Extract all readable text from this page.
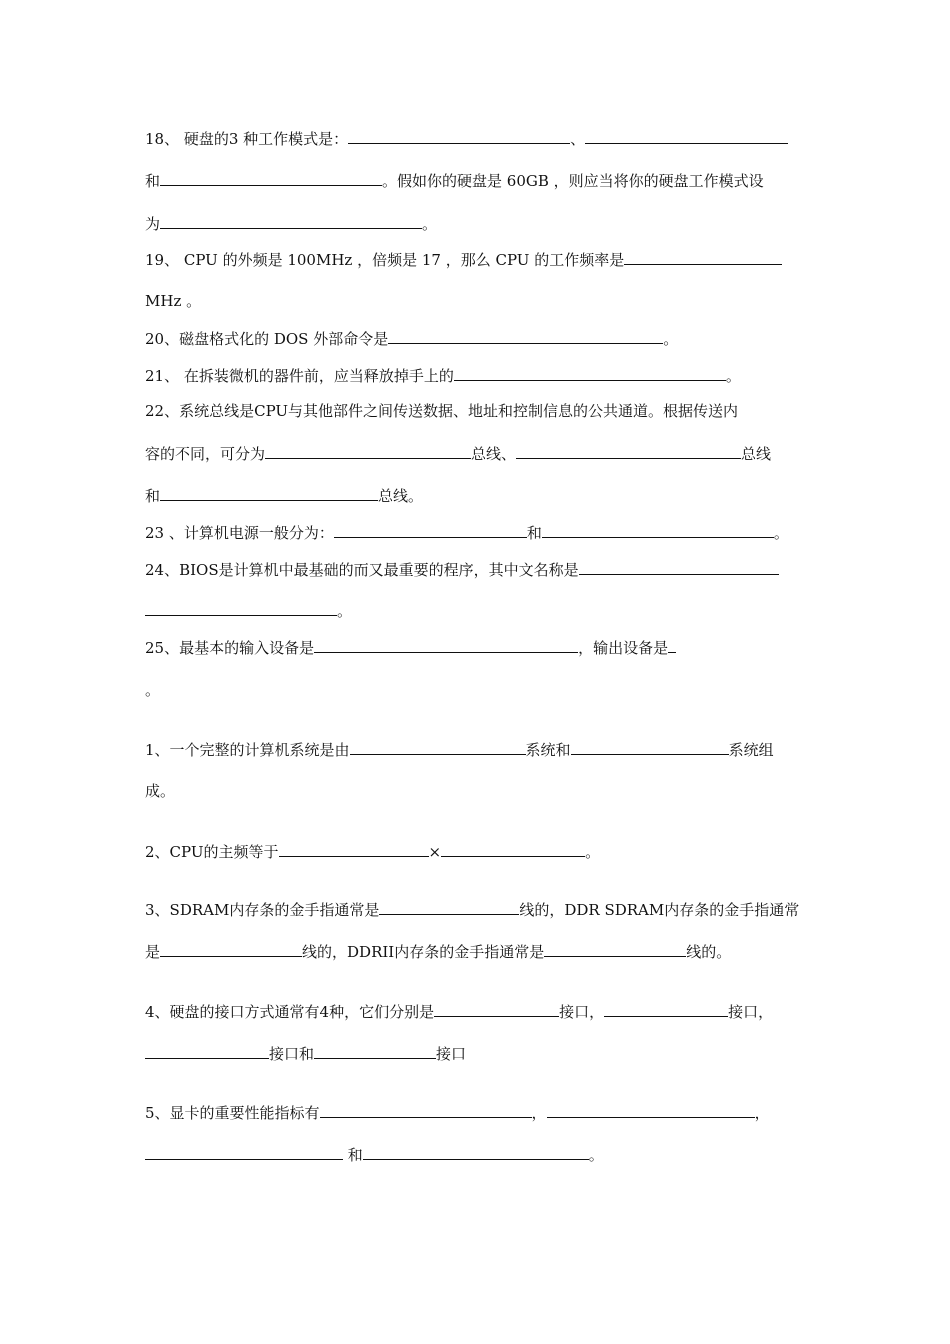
18、 硬盘的3 种工作模式是：	、
和	。假如你的硬盘是 60GB ，则应当将你的硬盘工作模式设
为	。
19、 CPU 的外频是 100MHz ，倍频是 17 ，那么 CPU 的工作频率是
MHz 。
20、磁盘格式化的 DOS 外部命令是	。
21、 在拆装微机的器件前，应当释放掉手上的	。
22、系统总线是CPU与其他部件之间传送数据、地址和控制信息的公共通道。根据传送内
容的不同，可分为	总线、	总线
和	总线。
23 、计算机电源一般分为：	和	。
24、BIOS是计算机中最基础的而又最重要的程序，其中文名称是
。
25、最基本的输入设备是	，输出设备是
。
1、一个完整的计算机系统是由	系统和	系统组
成。
2、CPU的主频等于	×	。
3、SDRAM内存条的金手指通常是	线的，DDR SDRAM内存条的金手指通常
是	线的，DDRII内存条的金手指通常是	线的。
4、硬盘的接口方式通常有4种，它们分别是	接口，	接口，
接口和	接口
5、显卡的重要性能指标有	，	，
和	。
